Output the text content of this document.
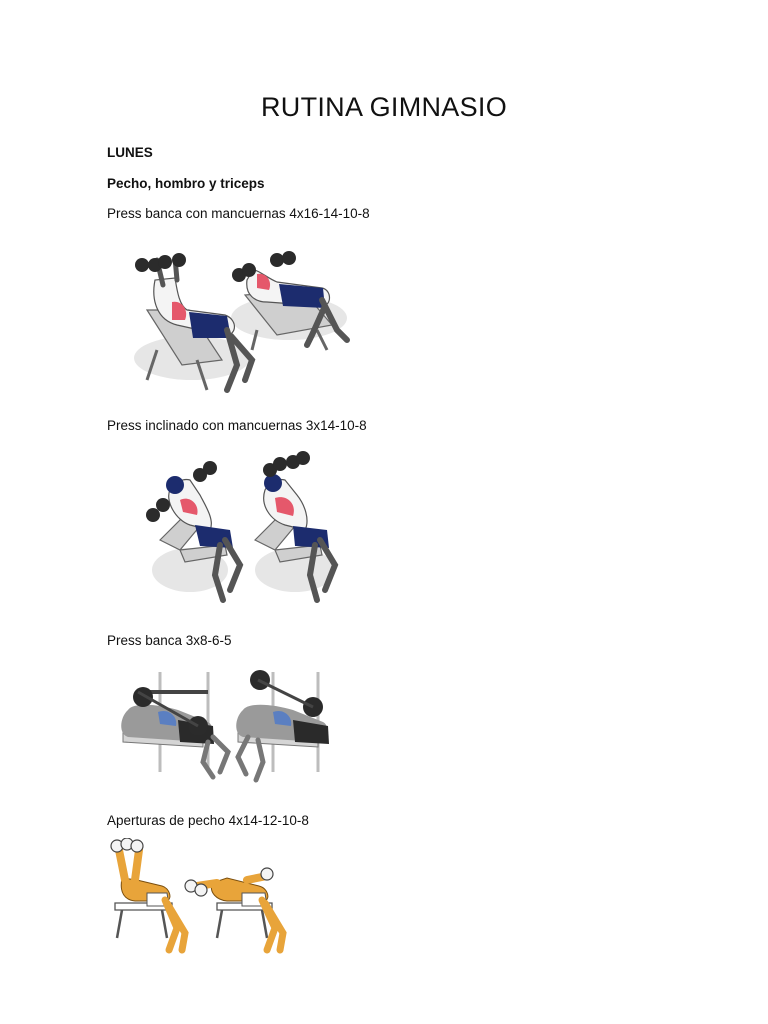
RUTINA GIMNASIO
LUNES
Pecho, hombro y triceps
Press banca con mancuernas 4x16-14-10-8
Press inclinado con mancuernas 3x14-10-8
Press banca 3x8-6-5
Aperturas de pecho 4x14-12-10-8
